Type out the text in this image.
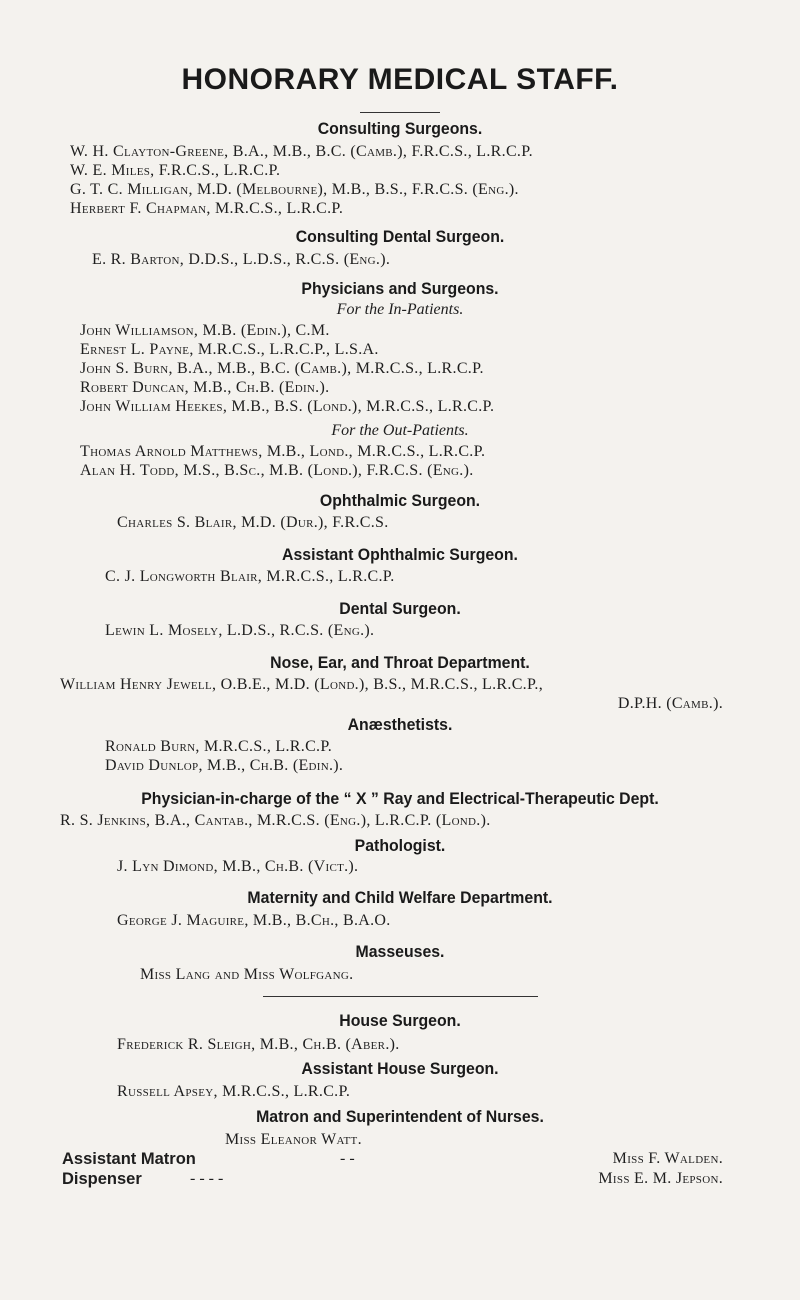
HONORARY MEDICAL STAFF.
Consulting Surgeons.
W. H. Clayton-Greene, B.A., M.B., B.C. (Camb.), F.R.C.S., L.R.C.P.
W. E. Miles, F.R.C.S., L.R.C.P.
G. T. C. Milligan, M.D. (Melbourne), M.B., B.S., F.R.C.S. (Eng.).
Herbert F. Chapman, M.R.C.S., L.R.C.P.
Consulting Dental Surgeon.
E. R. Barton, D.D.S., L.D.S., R.C.S. (Eng.).
Physicians and Surgeons.
For the In-Patients.
John Williamson, M.B. (Edin.), C.M.
Ernest L. Payne, M.R.C.S., L.R.C.P., L.S.A.
John S. Burn, B.A., M.B., B.C. (Camb.), M.R.C.S., L.R.C.P.
Robert Duncan, M.B., Ch.B. (Edin.).
John William Heekes, M.B., B.S. (Lond.), M.R.C.S., L.R.C.P.
For the Out-Patients.
Thomas Arnold Matthews, M.B., Lond., M.R.C.S., L.R.C.P.
Alan H. Todd, M.S., B.Sc., M.B. (Lond.), F.R.C.S. (Eng.).
Ophthalmic Surgeon.
Charles S. Blair, M.D. (Dur.), F.R.C.S.
Assistant Ophthalmic Surgeon.
C. J. Longworth Blair, M.R.C.S., L.R.C.P.
Dental Surgeon.
Lewin L. Mosely, L.D.S., R.C.S. (Eng.).
Nose, Ear, and Throat Department.
William Henry Jewell, O.B.E., M.D. (Lond.), B.S., M.R.C.S., L.R.C.P.,
D.P.H. (Camb.).
Anæsthetists.
Ronald Burn, M.R.C.S., L.R.C.P.
David Dunlop, M.B., Ch.B. (Edin.).
Physician-in-charge of the “ X ” Ray and Electrical-Therapeutic Dept.
R. S. Jenkins, B.A., Cantab., M.R.C.S. (Eng.), L.R.C.P. (Lond.).
Pathologist.
J. Lyn Dimond, M.B., Ch.B. (Vict.).
Maternity and Child Welfare Department.
George J. Maguire, M.B., B.Ch., B.A.O.
Masseuses.
Miss Lang and Miss Wolfgang.
House Surgeon.
Frederick R. Sleigh, M.B., Ch.B. (Aber.).
Assistant House Surgeon.
Russell Apsey, M.R.C.S., L.R.C.P.
Matron and Superintendent of Nurses.
Miss Eleanor Watt.
Assistant Matron	- -	Miss F. Walden.
Dispenser	- - - -	Miss E. M. Jepson.
